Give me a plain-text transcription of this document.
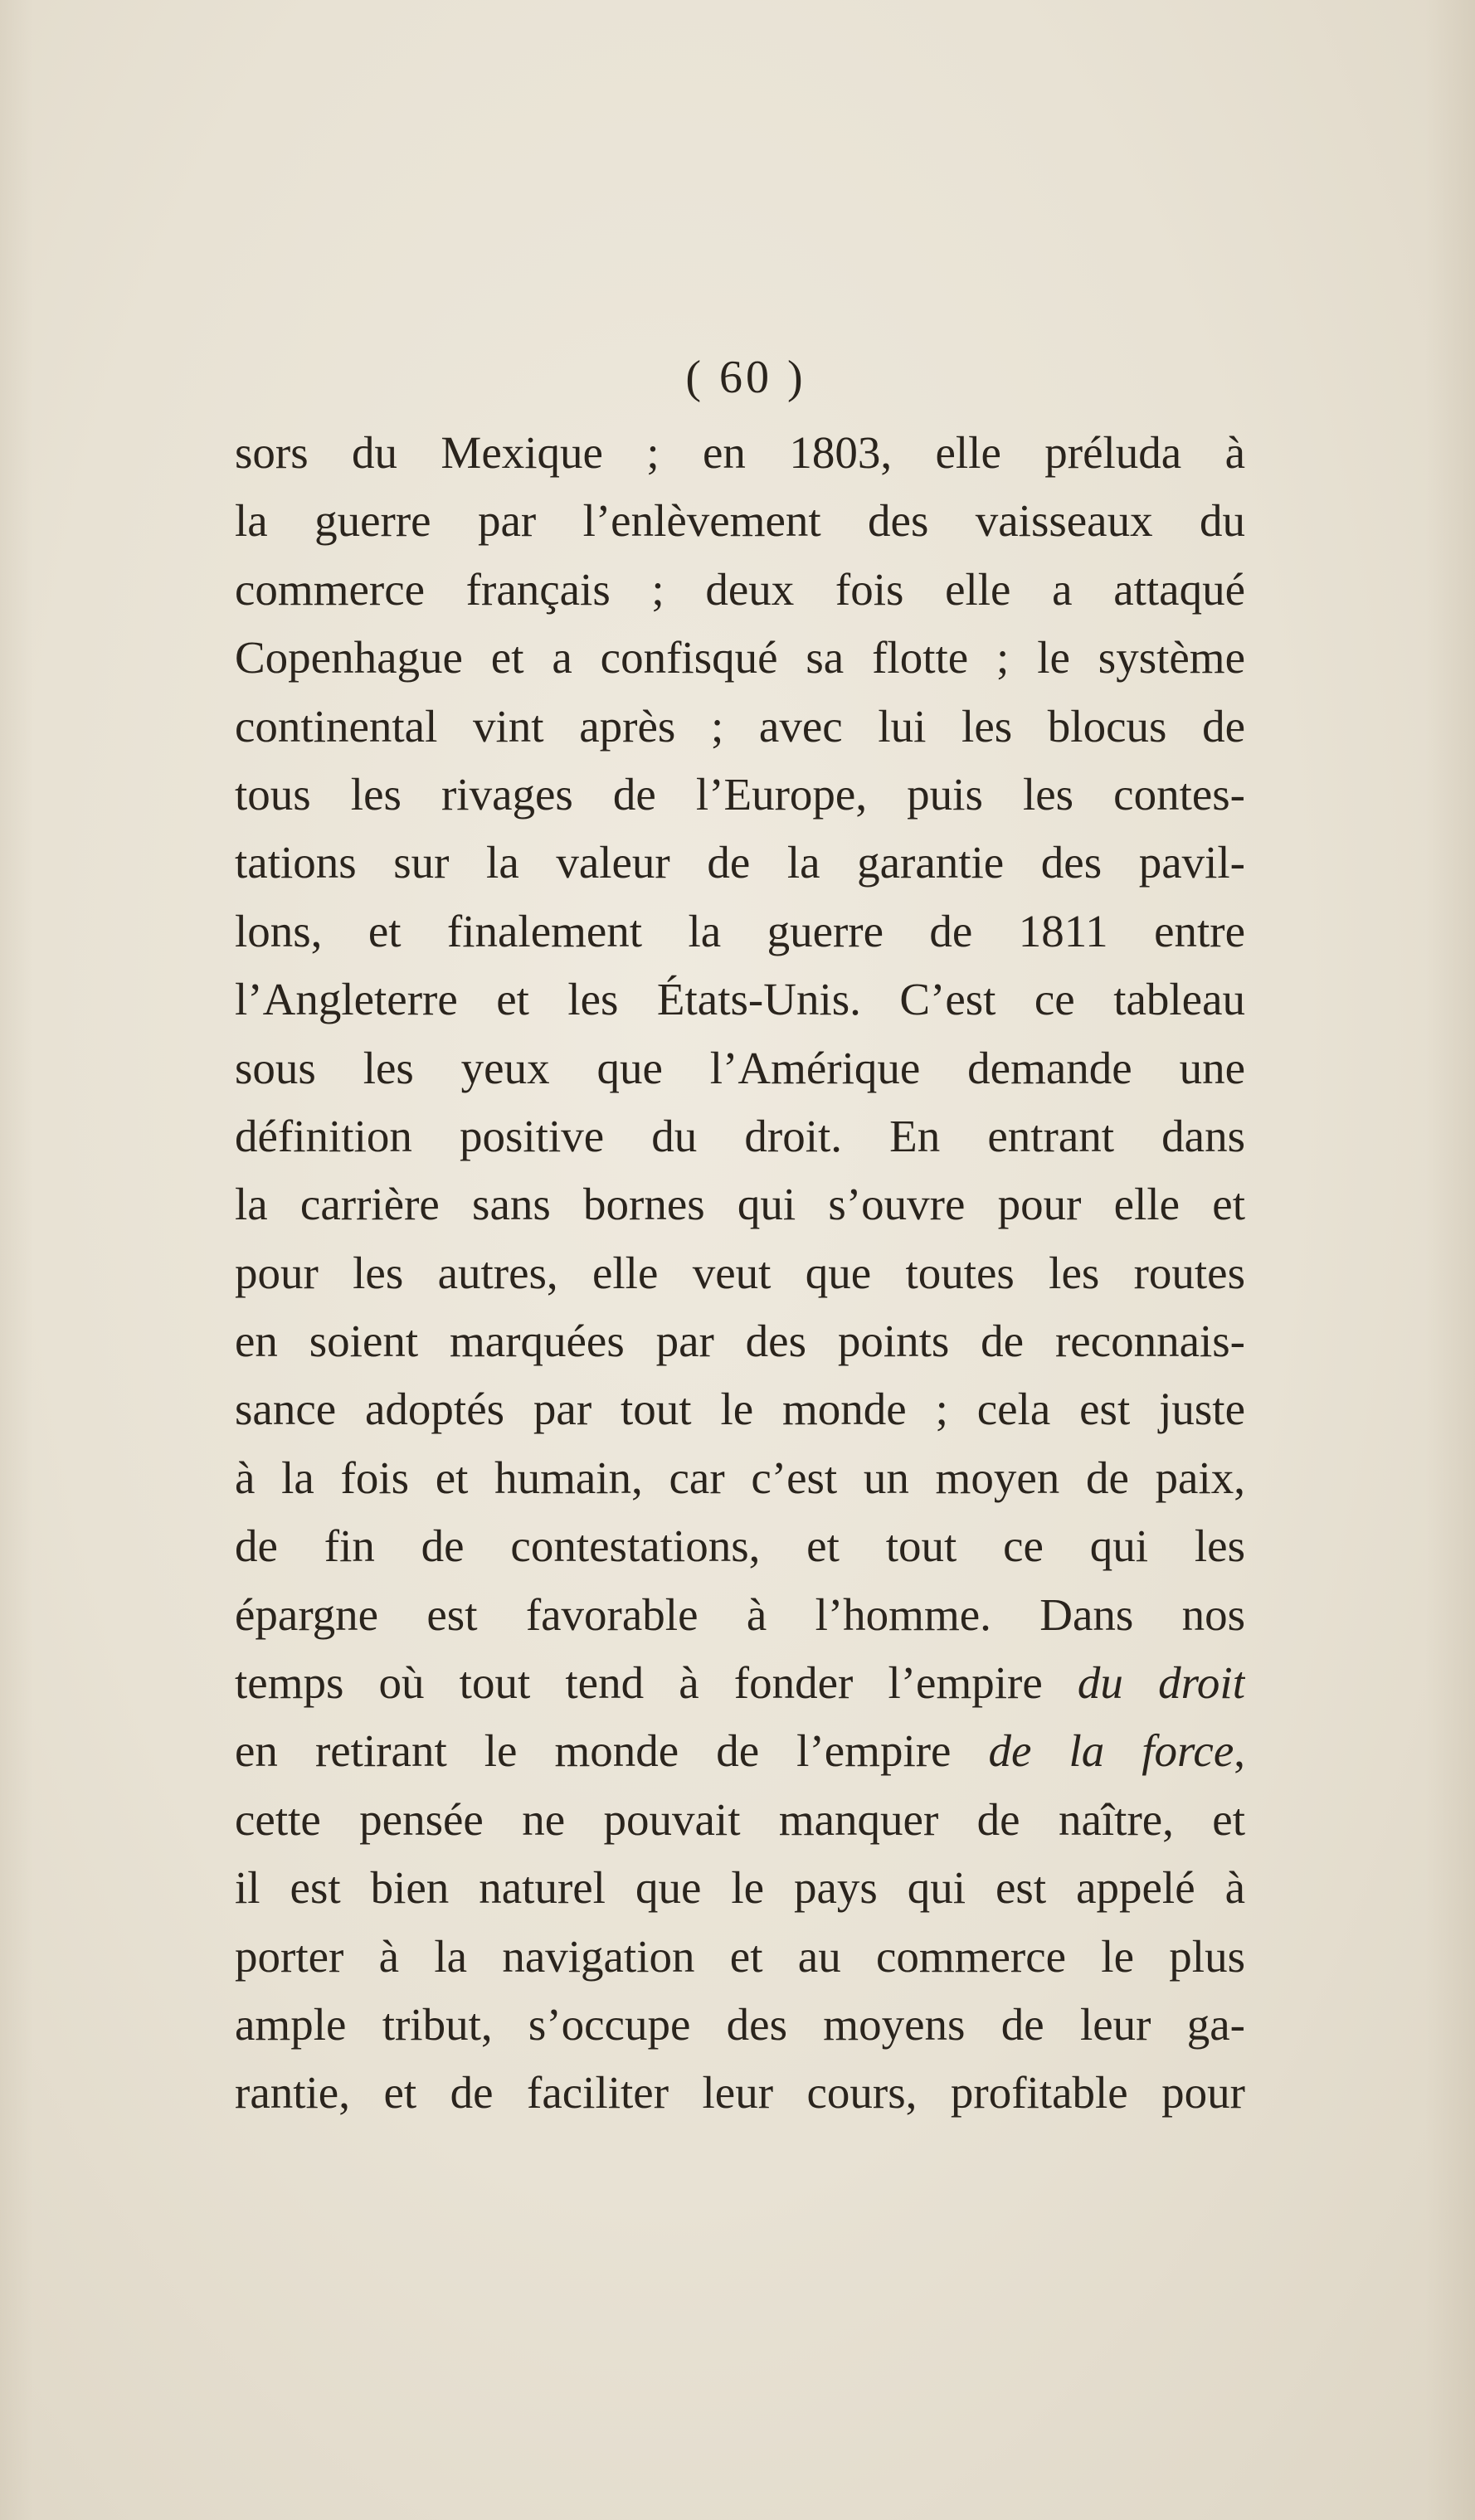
( 60 )
sors du Mexique ; en 1803, elle préluda à
la guerre par l’enlèvement des vaisseaux du
commerce français ; deux fois elle a attaqué
Copenhague et a confisqué sa flotte ; le système
continental vint après ; avec lui les blocus de
tous les rivages de l’Europe, puis les contes-
tations sur la valeur de la garantie des pavil-
lons, et finalement la guerre de 1811 entre
l’Angleterre et les États-Unis. C’est ce tableau
sous les yeux que l’Amérique demande une
définition positive du droit. En entrant dans
la carrière sans bornes qui s’ouvre pour elle et
pour les autres, elle veut que toutes les routes
en soient marquées par des points de reconnais-
sance adoptés par tout le monde ; cela est juste
à la fois et humain, car c’est un moyen de paix,
de fin de contestations, et tout ce qui les
épargne est favorable à l’homme. Dans nos
temps où tout tend à fonder l’empire du droit
en retirant le monde de l’empire de la force,
cette pensée ne pouvait manquer de naître, et
il est bien naturel que le pays qui est appelé à
porter à la navigation et au commerce le plus
ample tribut, s’occupe des moyens de leur ga-
rantie, et de faciliter leur cours, profitable pour
